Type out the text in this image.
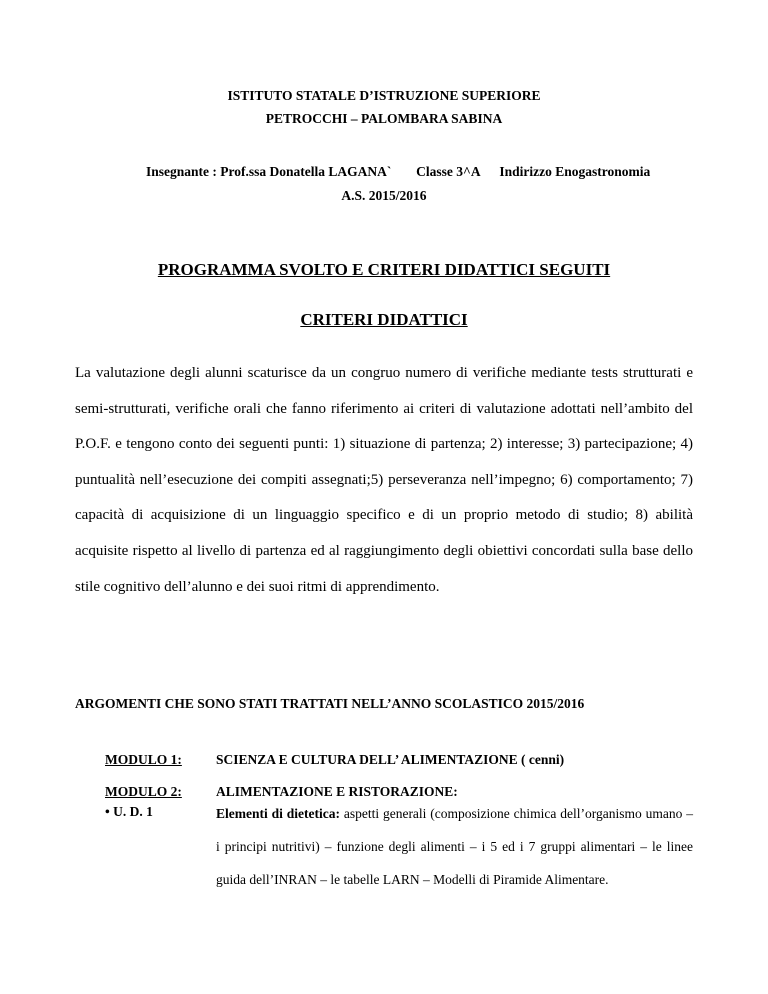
ISTITUTO STATALE D’ISTRUZIONE SUPERIORE
PETROCCHI – PALOMBARA SABINA
Insegnante : Prof.ssa Donatella LAGANA` Classe 3^A Indirizzo Enogastronomia
A.S. 2015/2016
PROGRAMMA SVOLTO E CRITERI DIDATTICI SEGUITI
CRITERI DIDATTICI
La valutazione degli alunni scaturisce da un congruo numero di verifiche mediante tests strutturati e semi-strutturati, verifiche orali che fanno riferimento ai criteri di valutazione adottati nell’ambito del P.O.F. e tengono conto dei seguenti punti: 1) situazione di partenza; 2) interesse; 3) partecipazione; 4) puntualità nell’esecuzione dei compiti assegnati;5) perseveranza nell’impegno; 6) comportamento; 7) capacità di acquisizione di un linguaggio specifico e di un proprio metodo di studio; 8) abilità acquisite rispetto al livello di partenza ed al raggiungimento degli obiettivi concordati sulla base dello stile cognitivo dell’alunno e dei suoi ritmi di apprendimento.
ARGOMENTI CHE SONO STATI TRATTATI NELL’ANNO SCOLASTICO 2015/2016
MODULO 1:	SCIENZA E CULTURA DELL’ ALIMENTAZIONE ( cenni)
MODULO 2:	ALIMENTAZIONE E RISTORAZIONE:
• U. D. 1	Elementi di dietetica: aspetti generali (composizione chimica dell’organismo umano – i principi nutritivi) – funzione degli alimenti – i 5 ed i 7 gruppi alimentari – le linee guida dell’INRAN – le tabelle LARN – Modelli di Piramide Alimentare.
